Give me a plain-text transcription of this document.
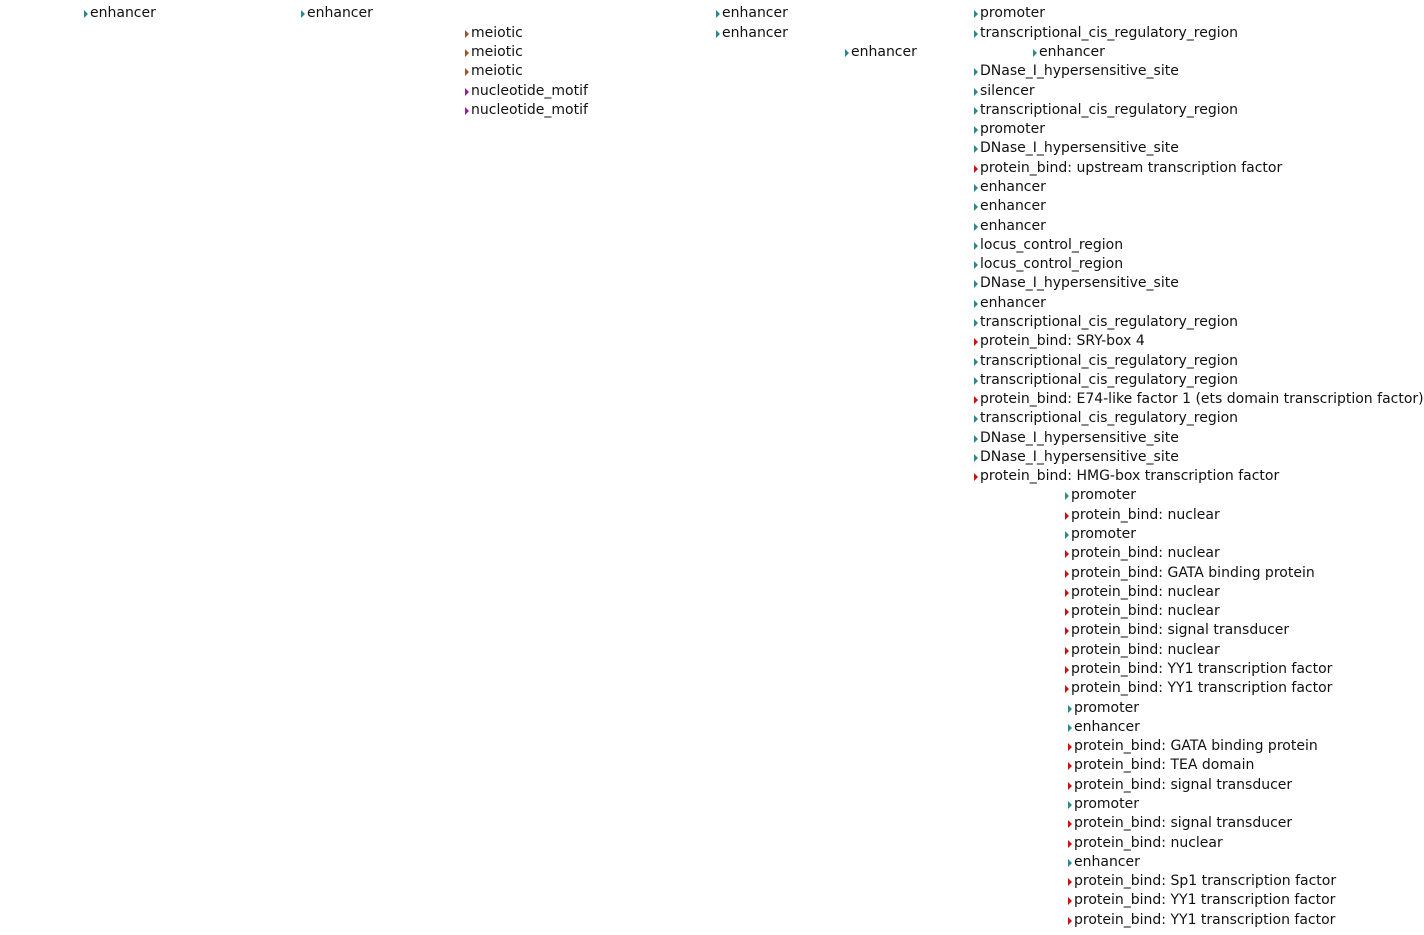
enhancer	enhancer
meiotic
meiotic
meiotic
nucleotide_motif
nucleotide_motif
enhancer
enhancer
enhancer	enhancer
promoter
transcriptional_cis_regulatory_region
DNase_I_hypersensitive_site
silencer
transcriptional_cis_regulatory_region
promoter
DNase_I_hypersensitive_site
protein_bind: upstream transcription factor
enhancer
enhancer
enhancer
locus_control_region
locus_control_region
DNase_I_hypersensitive_site
enhancer
transcriptional_cis_regulatory_region
protein_bind: SRY-box 4
transcriptional_cis_regulatory_region
transcriptional_cis_regulatory_region
protein_bind: E74-like factor 1 (ets domain transcription factor)
transcriptional_cis_regulatory_region
DNase_I_hypersensitive_site
DNase_I_hypersensitive_site
protein_bind: HMG-box transcription factor
promoter
protein_bind: nuclear
promoter
protein_bind: nuclear
protein_bind: GATA binding protein
protein_bind: nuclear
protein_bind: nuclear
protein_bind: signal transducer
protein_bind: nuclear
protein_bind: YY1 transcription factor
protein_bind: YY1 transcription factor
promoter
enhancer
protein_bind: GATA binding protein
protein_bind: TEA domain
protein_bind: signal transducer
promoter
protein_bind: signal transducer
protein_bind: nuclear
enhancer
protein_bind: Sp1 transcription factor
protein_bind: YY1 transcription factor
protein_bind: YY1 transcription factor
